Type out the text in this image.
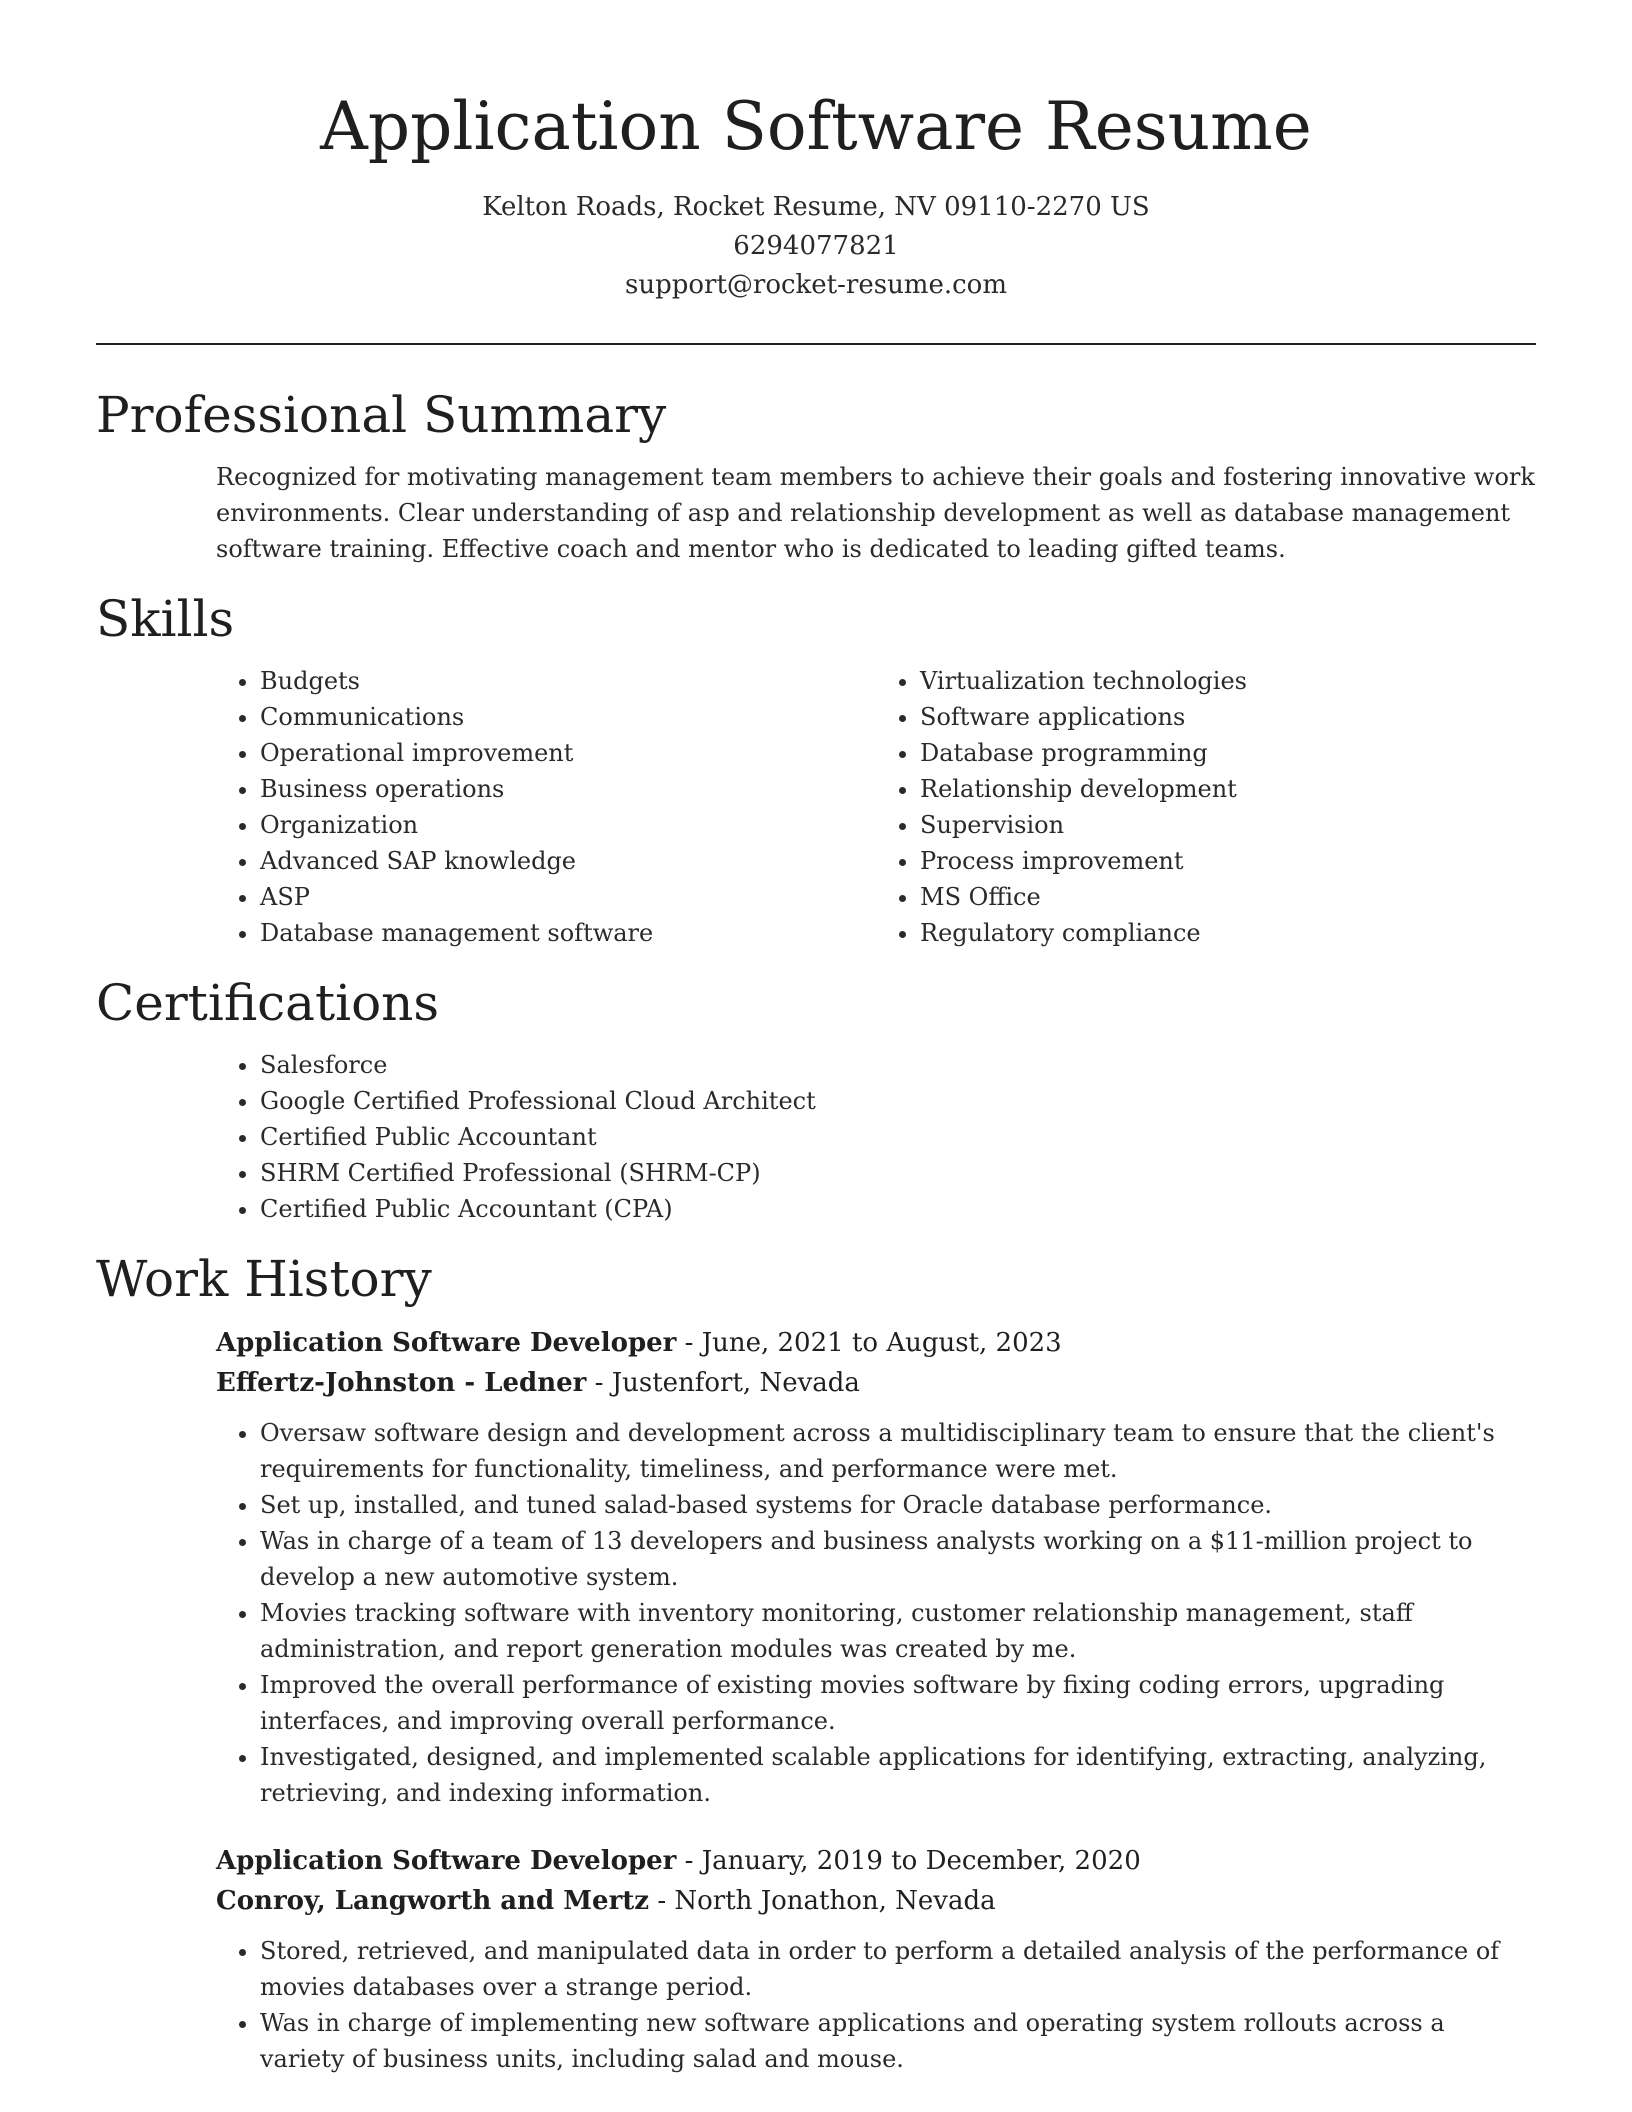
Application Software Resume
Kelton Roads, Rocket Resume, NV 09110-2270 US
6294077821
support@rocket-resume.com
Professional Summary

Recognized for motivating management team members to achieve their goals and fostering innovative work environments. Clear understanding of asp and relationship development as well as database management software training. Effective coach and mentor who is dedicated to leading gifted teams.

Skills
• Budgets
• Communications
• Operational improvement
• Business operations
• Organization
• Advanced SAP knowledge
• ASP
• Database management software
• Virtualization technologies
• Software applications
• Database programming
• Relationship development
• Supervision
• Process improvement
• MS Office
• Regulatory compliance
Certifications
• Salesforce
• Google Certified Professional Cloud Architect
• Certified Public Accountant
• SHRM Certified Professional (SHRM-CP)
• Certified Public Accountant (CPA)
Work History
Application Software Developer - June, 2021 to August, 2023
Effertz-Johnston - Ledner - Justenfort, Nevada
• Oversaw software design and development across a multidisciplinary team to ensure that the client's requirements for functionality, timeliness, and performance were met.
• Set up, installed, and tuned salad-based systems for Oracle database performance.
• Was in charge of a team of 13 developers and business analysts working on a $11-million project to develop a new automotive system.
• Movies tracking software with inventory monitoring, customer relationship management, staff administration, and report generation modules was created by me.
• Improved the overall performance of existing movies software by fixing coding errors, upgrading interfaces, and improving overall performance.
• Investigated, designed, and implemented scalable applications for identifying, extracting, analyzing, retrieving, and indexing information.
Application Software Developer - January, 2019 to December, 2020
Conroy, Langworth and Mertz - North Jonathon, Nevada
• Stored, retrieved, and manipulated data in order to perform a detailed analysis of the performance of movies databases over a strange period.
• Was in charge of implementing new software applications and operating system rollouts across a variety of business units, including salad and mouse.
